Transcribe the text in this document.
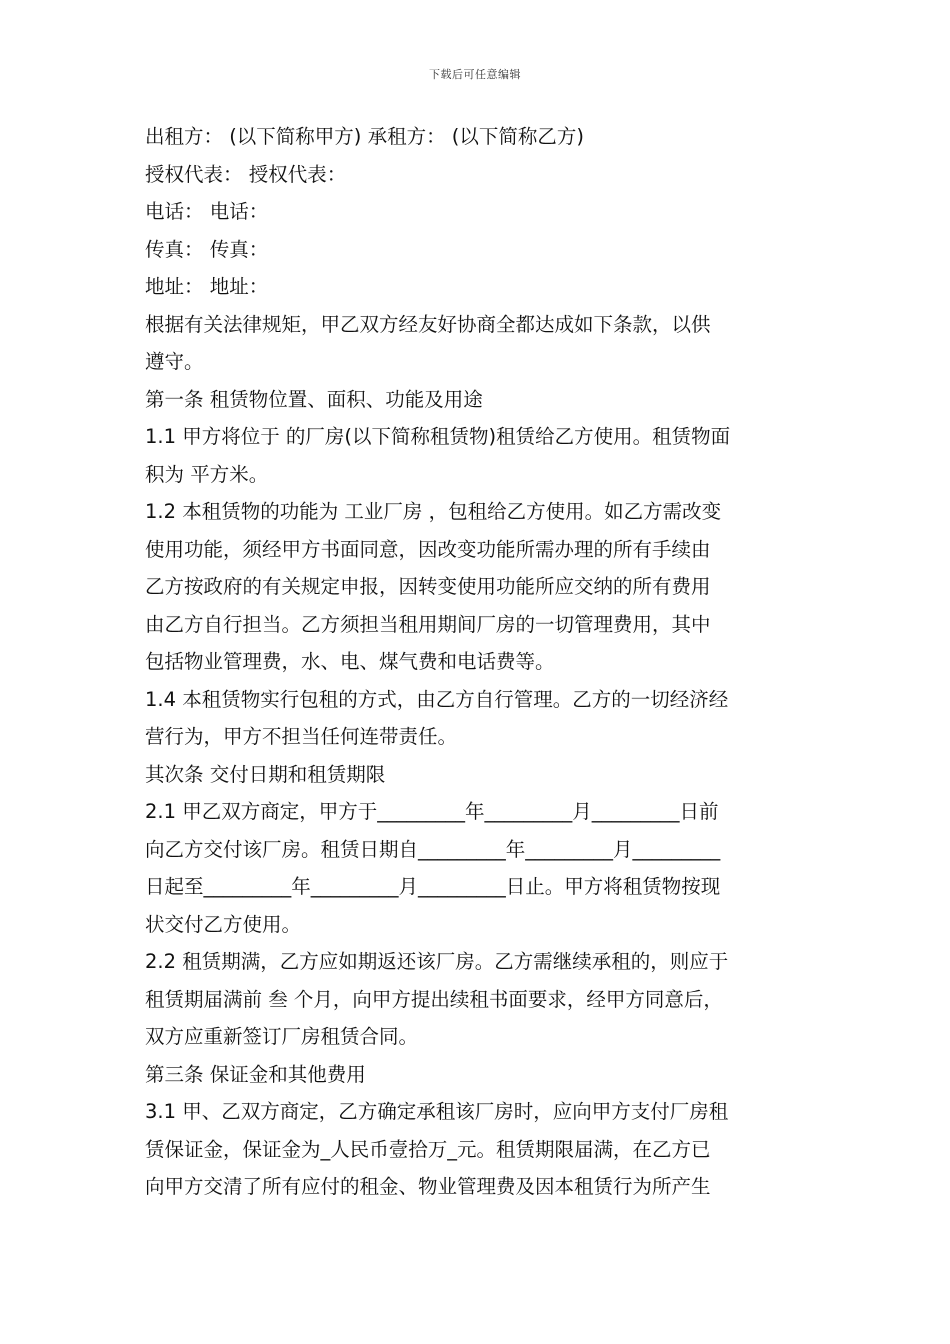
下载后可任意编辑
出租方： (以下简称甲方) 承租方： (以下简称乙方)
授权代表： 授权代表：
电话： 电话：
传真： 传真：
地址： 地址：
根据有关法律规矩，甲乙双方经友好协商全都达成如下条款，以供
遵守。
第一条 租赁物位置、面积、功能及用途
1.1 甲方将位于 的厂房(以下简称租赁物)租赁给乙方使用。租赁物面
积为 平方米。
1.2 本租赁物的功能为 工业厂房 ，包租给乙方使用。如乙方需改变
使用功能，须经甲方书面同意，因改变功能所需办理的所有手续由
乙方按政府的有关规定申报，因转变使用功能所应交纳的所有费用
由乙方自行担当。乙方须担当租用期间厂房的一切管理费用，其中
包括物业管理费，水、电、煤气费和电话费等。
1.4 本租赁物实行包租的方式，由乙方自行管理。乙方的一切经济经
营行为，甲方不担当任何连带责任。
其次条 交付日期和租赁期限
2.1 甲乙双方商定，甲方于_________年_________月_________日前
向乙方交付该厂房。租赁日期自_________年_________月_________
日起至_________年_________月_________日止。甲方将租赁物按现
状交付乙方使用。
2.2 租赁期满，乙方应如期返还该厂房。乙方需继续承租的，则应于
租赁期届满前 叁 个月，向甲方提出续租书面要求，经甲方同意后，
双方应重新签订厂房租赁合同。
第三条 保证金和其他费用
3.1 甲、乙双方商定，乙方确定承租该厂房时，应向甲方支付厂房租
赁保证金，保证金为_人民币壹拾万_元。租赁期限届满，在乙方已
向甲方交清了所有应付的租金、物业管理费及因本租赁行为所产生
